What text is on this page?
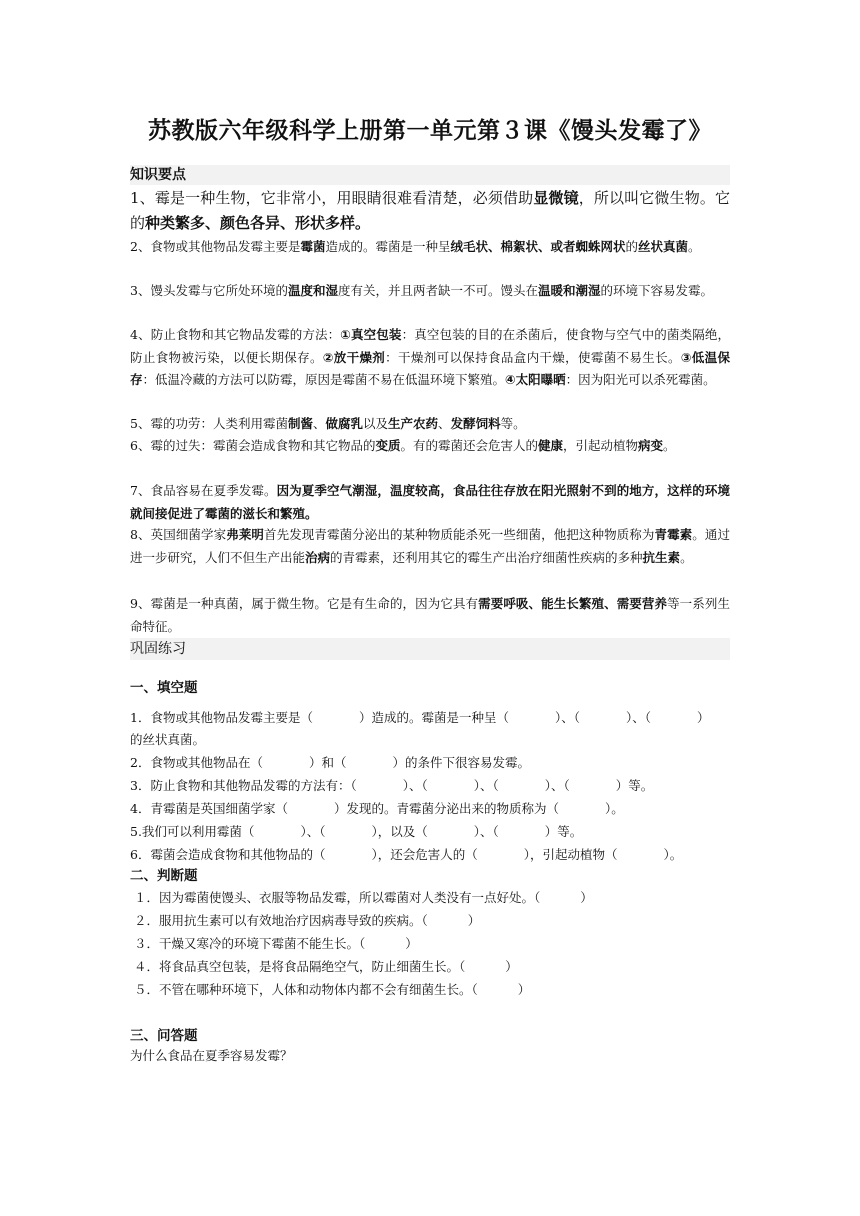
苏教版六年级科学上册第一单元第３课《馒头发霉了》
知识要点

1、霉是一种生物，它非常小，用眼睛很难看清楚，必须借助显微镜，所以叫它微生物。它的种类繁多、颜色各异、形状多样。

2、食物或其他物品发霉主要是霉菌造成的。霉菌是一种呈绒毛状、棉絮状、或者蜘蛛网状的丝状真菌。

3、馒头发霉与它所处环境的温度和湿度有关，并且两者缺一不可。馒头在温暖和潮湿的环境下容易发霉。

4、防止食物和其它物品发霉的方法：①真空包装：真空包装的目的在杀菌后，使食物与空气中的菌类隔绝，防止食物被污染，以便长期保存。②放干燥剂：干燥剂可以保持食品盒内干燥，使霉菌不易生长。③低温保存：低温冷藏的方法可以防霉，原因是霉菌不易在低温环境下繁殖。④太阳曝晒：因为阳光可以杀死霉菌。

5、霉的功劳：人类利用霉菌制酱、做腐乳以及生产农药、发酵饲料等。

6、霉的过失：霉菌会造成食物和其它物品的变质。有的霉菌还会危害人的健康，引起动植物病变。

7、食品容易在夏季发霉。因为夏季空气潮湿，温度较高，食品往往存放在阳光照射不到的地方，这样的环境就间接促进了霉菌的滋长和繁殖。

8、英国细菌学家弗莱明首先发现青霉菌分泌出的某种物质能杀死一些细菌，他把这种物质称为青霉素。通过进一步研究，人们不但生产出能治病的青霉素，还利用其它的霉生产出治疗细菌性疾病的多种抗生素。

9、霉菌是一种真菌，属于微生物。它是有生命的，因为它具有需要呼吸、能生长繁殖、需要营养等一系列生命特征。

巩固练习
一、填空题
1．食物或其他物品发霉主要是（	）造成的。霉菌是一种呈（	）、（	）、（	）
的丝状真菌。
2．食物或其他物品在（	）和（	）的条件下很容易发霉。
3．防止食物和其他物品发霉的方法有：（	）、（	）、（	）、（	）等。
4．青霉菌是英国细菌学家（	）发现的。青霉菌分泌出来的物质称为（	）。
5.我们可以利用霉菌（	）、（	），以及（	）、（	）等。
6．霉菌会造成食物和其他物品的（	），还会危害人的（	），引起动植物（	）。
二、判断题
１．因为霉菌使馒头、衣服等物品发霉，所以霉菌对人类没有一点好处。（	）
２．服用抗生素可以有效地治疗因病毒导致的疾病。（	）
３．干燥又寒冷的环境下霉菌不能生长。（	）
４．将食品真空包装，是将食品隔绝空气，防止细菌生长。（	）
５．不管在哪种环境下，人体和动物体内都不会有细菌生长。（	）
三、问答题
为什么食品在夏季容易发霉？
